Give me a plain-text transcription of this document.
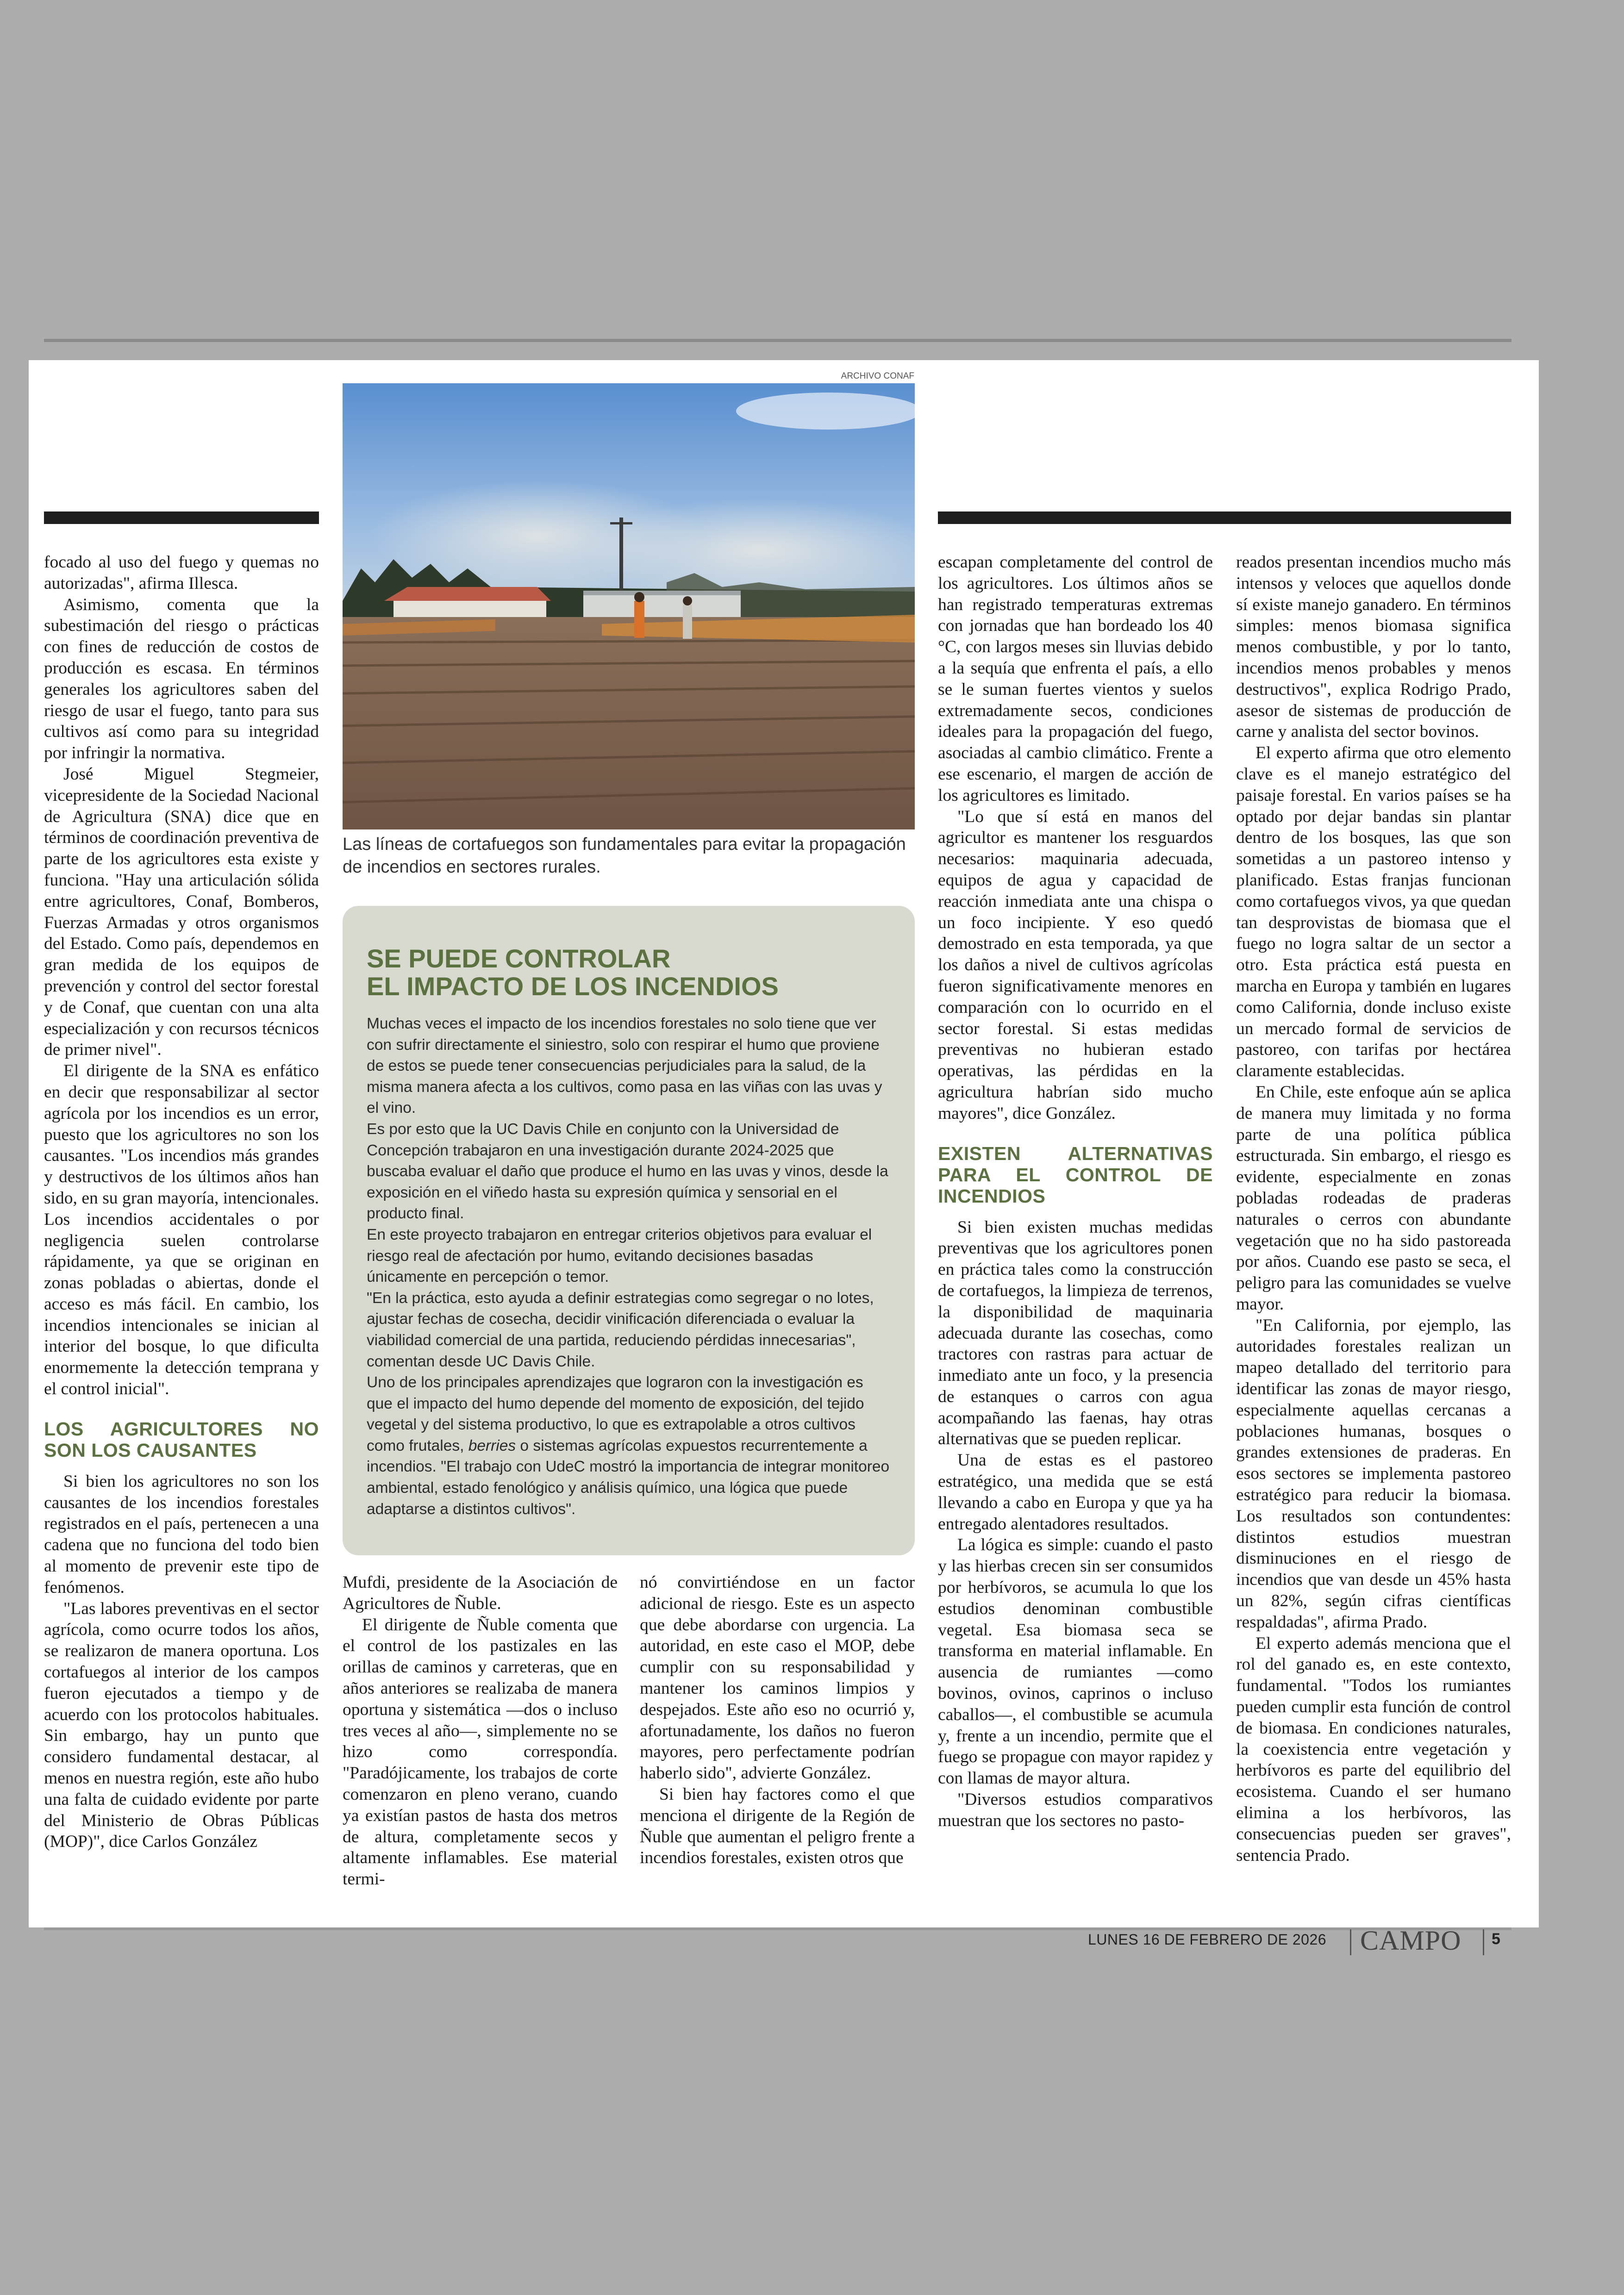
ARCHIVO CONAF
Las líneas de cortafuegos son fundamentales para evitar la propagación de incendios en sectores rurales.

focado al uso del fuego y quemas no autorizadas", afirma Illesca.

Asimismo, comenta que la subestimación del riesgo o prácticas con fines de reducción de costos de producción es escasa. En términos generales los agricultores saben del riesgo de usar el fuego, tanto para sus cultivos así como para su integridad por infringir la normativa.

José Miguel Stegmeier, vicepresidente de la Sociedad Nacional de Agricultura (SNA) dice que en términos de coordinación preventiva de parte de los agricultores esta existe y funciona. "Hay una articulación sólida entre agricultores, Conaf, Bomberos, Fuerzas Armadas y otros organismos del Estado. Como país, dependemos en gran medida de los equipos de prevención y control del sector forestal y de Conaf, que cuentan con una alta especialización y con recursos técnicos de primer nivel".

El dirigente de la SNA es enfático en decir que responsabilizar al sector agrícola por los incendios es un error, puesto que los agricultores no son los causantes. "Los incendios más grandes y destructivos de los últimos años han sido, en su gran mayoría, intencionales. Los incendios accidentales o por negligencia suelen controlarse rápidamente, ya que se originan en zonas pobladas o abiertas, donde el acceso es más fácil. En cambio, los incendios intencionales se inician al interior del bosque, lo que dificulta enormemente la detección temprana y el control inicial".

LOS AGRICULTORES NO SON LOS CAUSANTES

Si bien los agricultores no son los causantes de los incendios forestales registrados en el país, pertenecen a una cadena que no funciona del todo bien al momento de prevenir este tipo de fenómenos.

"Las labores preventivas en el sector agrícola, como ocurre todos los años, se realizaron de manera oportuna. Los cortafuegos al interior de los campos fueron ejecutados a tiempo y de acuerdo con los protocolos habituales. Sin embargo, hay un punto que considero fundamental destacar, al menos en nuestra región, este año hubo una falta de cuidado evidente por parte del Ministerio de Obras Públicas (MOP)", dice Carlos González

SE PUEDE CONTROLAR
EL IMPACTO DE LOS INCENDIOS

Muchas veces el impacto de los incendios forestales no solo tiene que ver con sufrir directamente el siniestro, solo con respirar el humo que proviene de estos se puede tener consecuencias perjudiciales para la salud, de la misma manera afecta a los cultivos, como pasa en las viñas con las uvas y el vino.

Es por esto que la UC Davis Chile en conjunto con la Universidad de Concepción trabajaron en una investigación durante 2024-2025 que buscaba evaluar el daño que produce el humo en las uvas y vinos, desde la exposición en el viñedo hasta su expresión química y sensorial en el producto final.

En este proyecto trabajaron en entregar criterios objetivos para evaluar el riesgo real de afectación por humo, evitando decisiones basadas únicamente en percepción o temor.

"En la práctica, esto ayuda a definir estrategias como segregar o no lotes, ajustar fechas de cosecha, decidir vinificación diferenciada o evaluar la viabilidad comercial de una partida, reduciendo pérdidas innecesarias", comentan desde UC Davis Chile.

Uno de los principales aprendizajes que lograron con la investigación es que el impacto del humo depende del momento de exposición, del tejido vegetal y del sistema productivo, lo que es extrapolable a otros cultivos como frutales, berries o sistemas agrícolas expuestos recurrentemente a incendios. "El trabajo con UdeC mostró la importancia de integrar monitoreo ambiental, estado fenológico y análisis químico, una lógica que puede adaptarse a distintos cultivos".

Mufdi, presidente de la Asociación de Agricultores de Ñuble.

El dirigente de Ñuble comenta que el control de los pastizales en las orillas de caminos y carreteras, que en años anteriores se realizaba de manera oportuna y sistemática —dos o incluso tres veces al año—, simplemente no se hizo como correspondía. "Paradójicamente, los trabajos de corte comenzaron en pleno verano, cuando ya existían pastos de hasta dos metros de altura, completamente secos y altamente inflamables. Ese material termi-

nó convirtiéndose en un factor adicional de riesgo. Este es un aspecto que debe abordarse con urgencia. La autoridad, en este caso el MOP, debe cumplir con su responsabilidad y mantener los caminos limpios y despejados. Este año eso no ocurrió y, afortunadamente, los daños no fueron mayores, pero perfectamente podrían haberlo sido", advierte González.

Si bien hay factores como el que menciona el dirigente de la Región de Ñuble que aumentan el peligro frente a incendios forestales, existen otros que

escapan completamente del control de los agricultores. Los últimos años se han registrado temperaturas extremas con jornadas que han bordeado los 40 °C, con largos meses sin lluvias debido a la sequía que enfrenta el país, a ello se le suman fuertes vientos y suelos extremadamente secos, condiciones ideales para la propagación del fuego, asociadas al cambio climático. Frente a ese escenario, el margen de acción de los agricultores es limitado.

"Lo que sí está en manos del agricultor es mantener los resguardos necesarios: maquinaria adecuada, equipos de agua y capacidad de reacción inmediata ante una chispa o un foco incipiente. Y eso quedó demostrado en esta temporada, ya que los daños a nivel de cultivos agrícolas fueron significativamente menores en comparación con lo ocurrido en el sector forestal. Si estas medidas preventivas no hubieran estado operativas, las pérdidas en la agricultura habrían sido mucho mayores", dice González.

EXISTEN ALTERNATIVAS PARA EL CONTROL DE INCENDIOS

Si bien existen muchas medidas preventivas que los agricultores ponen en práctica tales como la construcción de cortafuegos, la limpieza de terrenos, la disponibilidad de maquinaria adecuada durante las cosechas, como tractores con rastras para actuar de inmediato ante un foco, y la presencia de estanques o carros con agua acompañando las faenas, hay otras alternativas que se pueden replicar.

Una de estas es el pastoreo estratégico, una medida que se está llevando a cabo en Europa y que ya ha entregado alentadores resultados.

La lógica es simple: cuando el pasto y las hierbas crecen sin ser consumidos por herbívoros, se acumula lo que los estudios denominan combustible vegetal. Esa biomasa seca se transforma en material inflamable. En ausencia de rumiantes —como bovinos, ovinos, caprinos o incluso caballos—, el combustible se acumula y, frente a un incendio, permite que el fuego se propague con mayor rapidez y con llamas de mayor altura.

"Diversos estudios comparativos muestran que los sectores no pasto-

reados presentan incendios mucho más intensos y veloces que aquellos donde sí existe manejo ganadero. En términos simples: menos biomasa significa menos combustible, y por lo tanto, incendios menos probables y menos destructivos", explica Rodrigo Prado, asesor de sistemas de producción de carne y analista del sector bovinos.

El experto afirma que otro elemento clave es el manejo estratégico del paisaje forestal. En varios países se ha optado por dejar bandas sin plantar dentro de los bosques, las que son sometidas a un pastoreo intenso y planificado. Estas franjas funcionan como cortafuegos vivos, ya que quedan tan desprovistas de biomasa que el fuego no logra saltar de un sector a otro. Esta práctica está puesta en marcha en Europa y también en lugares como California, donde incluso existe un mercado formal de servicios de pastoreo, con tarifas por hectárea claramente establecidas.

En Chile, este enfoque aún se aplica de manera muy limitada y no forma parte de una política pública estructurada. Sin embargo, el riesgo es evidente, especialmente en zonas pobladas rodeadas de praderas naturales o cerros con abundante vegetación que no ha sido pastoreada por años. Cuando ese pasto se seca, el peligro para las comunidades se vuelve mayor.

"En California, por ejemplo, las autoridades forestales realizan un mapeo detallado del territorio para identificar las zonas de mayor riesgo, especialmente aquellas cercanas a poblaciones humanas, bosques o grandes extensiones de praderas. En esos sectores se implementa pastoreo estratégico para reducir la biomasa. Los resultados son contundentes: distintos estudios muestran disminuciones en el riesgo de incendios que van desde un 45% hasta un 82%, según cifras científicas respaldadas", afirma Prado.

El experto además menciona que el rol del ganado es, en este contexto, fundamental. "Todos los rumiantes pueden cumplir esta función de control de biomasa. En condiciones naturales, la coexistencia entre vegetación y herbívoros es parte del equilibrio del ecosistema. Cuando el ser humano elimina a los herbívoros, las consecuencias pueden ser graves", sentencia Prado.

LUNES 16 DE FEBRERO DE 2026 CAMPO 5
